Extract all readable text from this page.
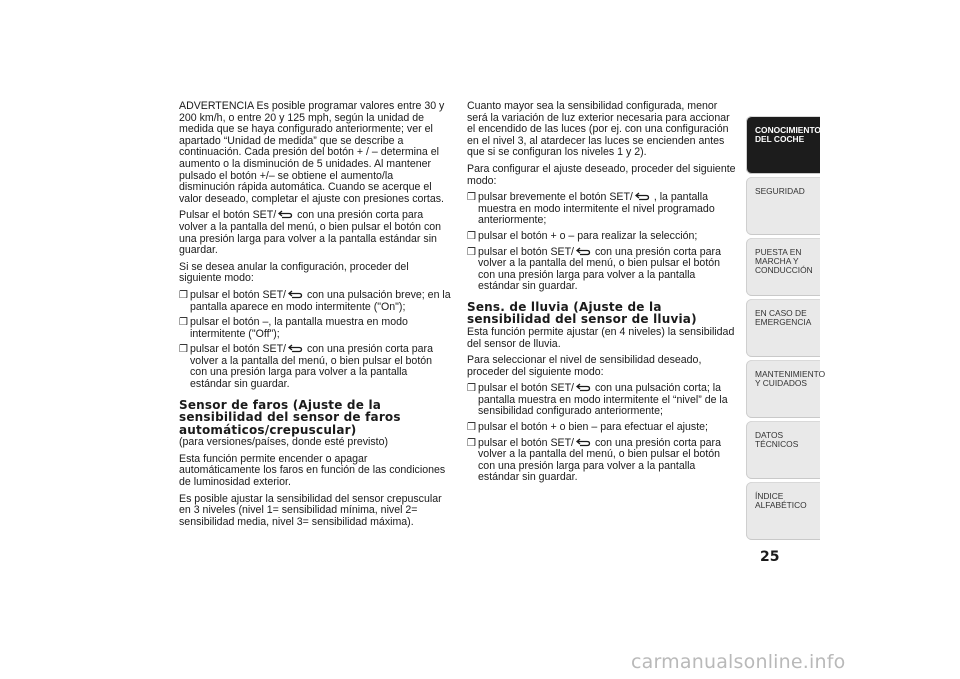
ADVERTENCIA Es posible programar valores entre 30 y 200 km/h, o entre 20 y 125 mph, según la unidad de medida que se haya configurado anteriormente; ver el apartado “Unidad de medida” que se describe a continuación. Cada presión del botón + / – determina el aumento o la disminución de 5 unidades. Al mantener pulsado el botón +/– se obtiene el aumento/la disminución rápida automática. Cuando se acerque el valor deseado, completar el ajuste con presiones cortas.

Pulsar el botón SET/
con una presión corta para volver a la pantalla del menú, o bien pulsar el botón con una presión larga para volver a la pantalla estándar sin guardar.

Si se desea anular la configuración, proceder del siguiente modo:

❒ pulsar el botón SET/
con una pulsación breve; en la pantalla aparece en modo intermitente ("On");
❒ pulsar el botón –, la pantalla muestra en modo intermitente ("Off");
❒ pulsar el botón SET/
con una presión corta para volver a la pantalla del menú, o bien pulsar el botón con una presión larga para volver a la pantalla estándar sin guardar.
Sensor de faros (Ajuste de la sensibilidad del sensor de faros automáticos/crepuscular)

(para versiones/países, donde esté previsto)

Esta función permite encender o apagar automáticamente los faros en función de las condiciones de luminosidad exterior.

Es posible ajustar la sensibilidad del sensor crepuscular en 3 niveles (nivel 1= sensibilidad mínima, nivel 2= sensibilidad media, nivel 3= sensibilidad máxima).

Cuanto mayor sea la sensibilidad configurada, menor será la variación de luz exterior necesaria para accionar el encendido de las luces (por ej. con una configuración en el nivel 3, al atardecer las luces se encienden antes que si se configuran los niveles 1 y 2).

Para configurar el ajuste deseado, proceder del siguiente modo:

❒ pulsar brevemente el botón SET/
, la pantalla muestra en modo intermitente el nivel programado anteriormente;
❒ pulsar el botón + o – para realizar la selección;
❒ pulsar el botón SET/
con una presión corta para volver a la pantalla del menú, o bien pulsar el botón con una presión larga para volver a la pantalla estándar sin guardar.
Sens. de lluvia (Ajuste de la sensibilidad del sensor de lluvia)

Esta función permite ajustar (en 4 niveles) la sensibilidad del sensor de lluvia.

Para seleccionar el nivel de sensibilidad deseado, proceder del siguiente modo:

❒ pulsar el botón SET/
con una pulsación corta; la pantalla muestra en modo intermitente el “nivel” de la sensibilidad configurado anteriormente;
❒ pulsar el botón + o bien – para efectuar el ajuste;
❒ pulsar el botón SET/
con una presión corta para volver a la pantalla del menú, o bien pulsar el botón con una presión larga para volver a la pantalla estándar sin guardar.
CONOCIMIENTO DEL COCHE
SEGURIDAD
PUESTA EN MARCHA Y CONDUCCIÓN
EN CASO DE EMERGENCIA
MANTENIMIENTO Y CUIDADOS
DATOS TÉCNICOS
ÍNDICE ALFABÉTICO
25
carmanualsonline.info
